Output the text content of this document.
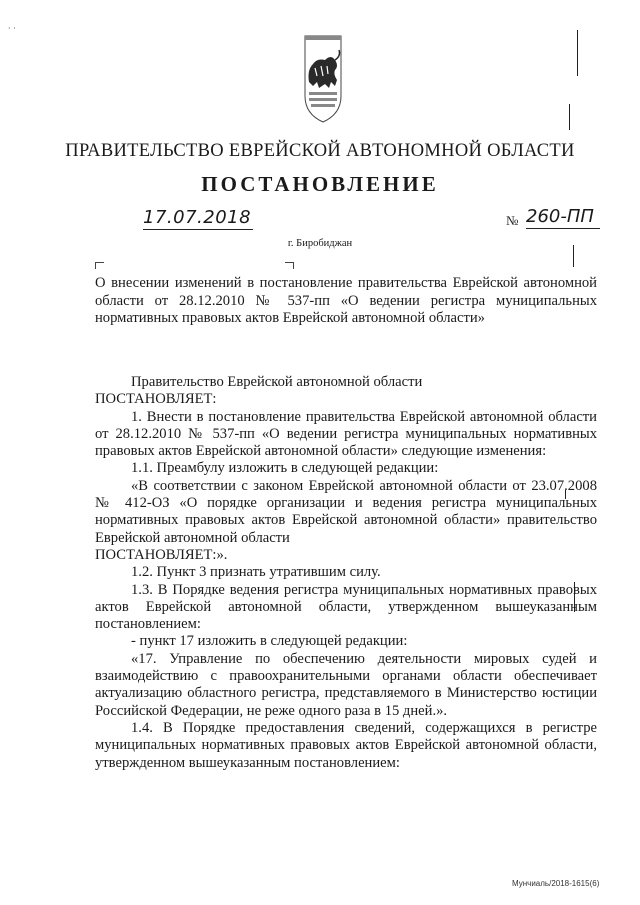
· ·
ПРАВИТЕЛЬСТВО ЕВРЕЙСКОЙ АВТОНОМНОЙ ОБЛАСТИ
ПОСТАНОВЛЕНИЕ
17.07.2018	№ 260-ПП
г. Биробиджан
О внесении изменений в постановление правительства Еврейской автономной области от 28.12.2010 № 537-пп «О ведении регистра муниципальных нормативных правовых актов Еврейской автономной области»

Правительство Еврейской автономной области

ПОСТАНОВЛЯЕТ:

1. Внести в постановление правительства Еврейской автономной области от 28.12.2010 № 537-пп «О ведении регистра муниципальных нормативных правовых актов Еврейской автономной области» следующие изменения:

1.1. Преамбулу изложить в следующей редакции:

«В соответствии с законом Еврейской автономной области от 23.07.2008 № 412-ОЗ «О порядке организации и ведения регистра муниципальных нормативных правовых актов Еврейской автономной области» правительство Еврейской автономной области

ПОСТАНОВЛЯЕТ:».

1.2. Пункт 3 признать утратившим силу.

1.3. В Порядке ведения регистра муниципальных нормативных правовых актов Еврейской автономной области, утвержденном вышеуказанным постановлением:

- пункт 17 изложить в следующей редакции:

«17. Управление по обеспечению деятельности мировых судей и взаимодействию с правоохранительными органами области обеспечивает актуализацию областного регистра, представляемого в Министерство юстиции Российской Федерации, не реже одного раза в 15 дней.».

1.4. В Порядке предоставления сведений, содержащихся в регистре муниципальных нормативных правовых актов Еврейской автономной области, утвержденном вышеуказанным постановлением:

Мунчиаль/2018-1615(6)
